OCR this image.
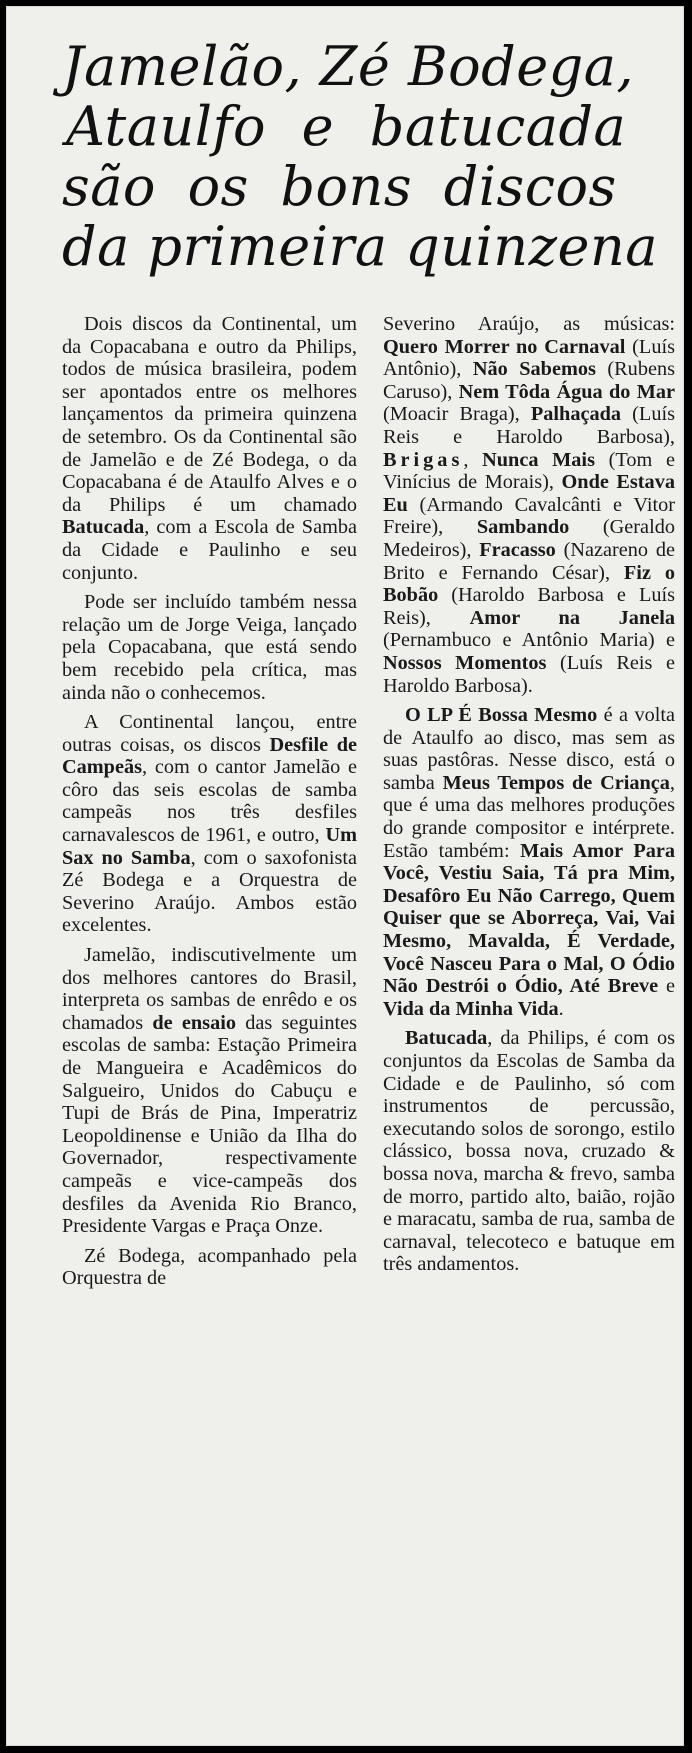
Jamelão, Zé Bodega,
Ataulfo e batucada
são os bons discos
da primeira quinzena

Dois discos da Continental, um da Copacabana e outro da Philips, todos de música brasileira, podem ser apontados entre os melhores lançamentos da primeira quinzena de setembro. Os da Continental são de Jamelão e de Zé Bodega, o da Copacabana é de Ataulfo Alves e o da Philips é um chamado Batucada, com a Escola de Samba da Cidade e Paulinho e seu conjunto.

Pode ser incluído também nessa relação um de Jorge Veiga, lançado pela Copacabana, que está sendo bem recebido pela crítica, mas ainda não o conhecemos.

A Continental lançou, entre outras coisas, os discos Desfile de Campeãs, com o cantor Jamelão e côro das seis escolas de samba campeãs nos três desfiles carnavalescos de 1961, e outro, Um Sax no Samba, com o saxofonista Zé Bodega e a Orquestra de Severino Araújo. Ambos estão excelentes.

Jamelão, indiscutivelmente um dos melhores cantores do Brasil, interpreta os sambas de enrêdo e os chamados de ensaio das seguintes escolas de samba: Estação Primeira de Mangueira e Acadêmicos do Salgueiro, Unidos do Cabuçu e Tupi de Brás de Pina, Imperatriz Leopoldinense e União da Ilha do Governador, respectivamente campeãs e vice-campeãs dos desfiles da Avenida Rio Branco, Presidente Vargas e Praça Onze.

Zé Bodega, acompanhado pela Orquestra de

Severino Araújo, as músicas: Quero Morrer no Carnaval (Luís Antônio), Não Sabemos (Rubens Caruso), Nem Tôda Água do Mar (Moacir Braga), Palhaçada (Luís Reis e Haroldo Barbosa), Brigas, Nunca Mais (Tom e Vinícius de Morais), Onde Estava Eu (Armando Cavalcânti e Vitor Freire), Sambando (Geraldo Medeiros), Fracasso (Nazareno de Brito e Fernando César), Fiz o Bobão (Haroldo Barbosa e Luís Reis), Amor na Janela (Pernambuco e Antônio Maria) e Nossos Momentos (Luís Reis e Haroldo Barbosa).

O LP É Bossa Mesmo é a volta de Ataulfo ao disco, mas sem as suas pastôras. Nesse disco, está o samba Meus Tempos de Criança, que é uma das melhores produções do grande compositor e intérprete. Estão também: Mais Amor Para Você, Vestiu Saia, Tá pra Mim, Desafôro Eu Não Carrego, Quem Quiser que se Aborreça, Vai, Vai Mesmo, Mavalda, É Verdade, Você Nasceu Para o Mal, O Ódio Não Destrói o Ódio, Até Breve e Vida da Minha Vida.

Batucada, da Philips, é com os conjuntos da Escolas de Samba da Cidade e de Paulinho, só com instrumentos de percussão, executando solos de sorongo, estilo clássico, bossa nova, cruzado & bossa nova, marcha & frevo, samba de morro, partido alto, baião, rojão e maracatu, samba de rua, samba de carnaval, telecoteco e batuque em três andamentos.
